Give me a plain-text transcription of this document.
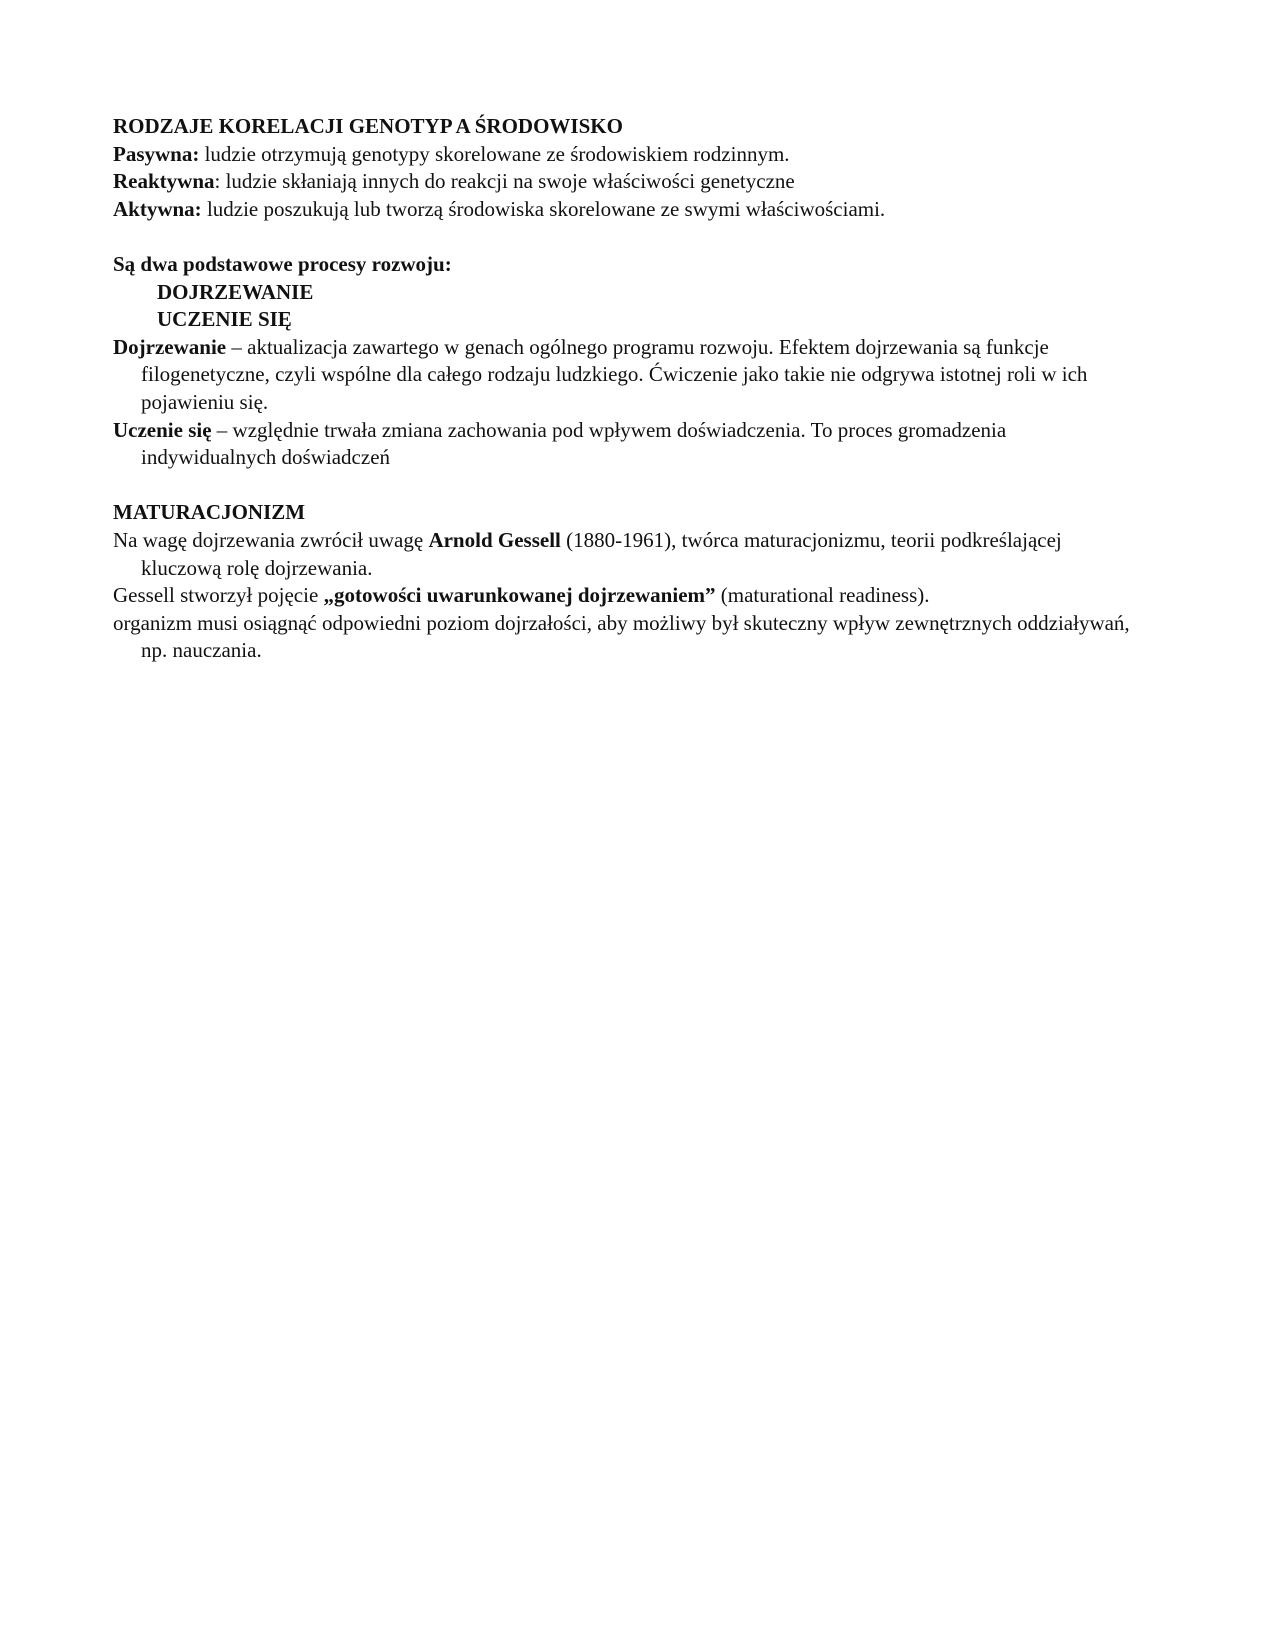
RODZAJE KORELACJI GENOTYP A ŚRODOWISKO

Pasywna: ludzie otrzymują genotypy skorelowane ze środowiskiem rodzinnym.

Reaktywna: ludzie skłaniają innych do reakcji na swoje właściwości genetyczne

Aktywna: ludzie poszukują lub tworzą środowiska skorelowane ze swymi właściwościami.

Są dwa podstawowe procesy rozwoju:

DOJRZEWANIE

UCZENIE SIĘ

Dojrzewanie – aktualizacja zawartego w genach ogólnego programu rozwoju. Efektem dojrzewania są funkcje filogenetyczne, czyli wspólne dla całego rodzaju ludzkiego. Ćwiczenie jako takie nie odgrywa istotnej roli w ich pojawieniu się.

Uczenie się – względnie trwała zmiana zachowania pod wpływem doświadczenia. To proces gromadzenia indywidualnych doświadczeń

MATURACJONIZM

Na wagę dojrzewania zwrócił uwagę Arnold Gessell (1880-1961), twórca maturacjonizmu, teorii podkreślającej kluczową rolę dojrzewania.

Gessell stworzył pojęcie „gotowości uwarunkowanej dojrzewaniem” (maturational readiness).

organizm musi osiągnąć odpowiedni poziom dojrzałości, aby możliwy był skuteczny wpływ zewnętrznych oddziaływań, np. nauczania.
